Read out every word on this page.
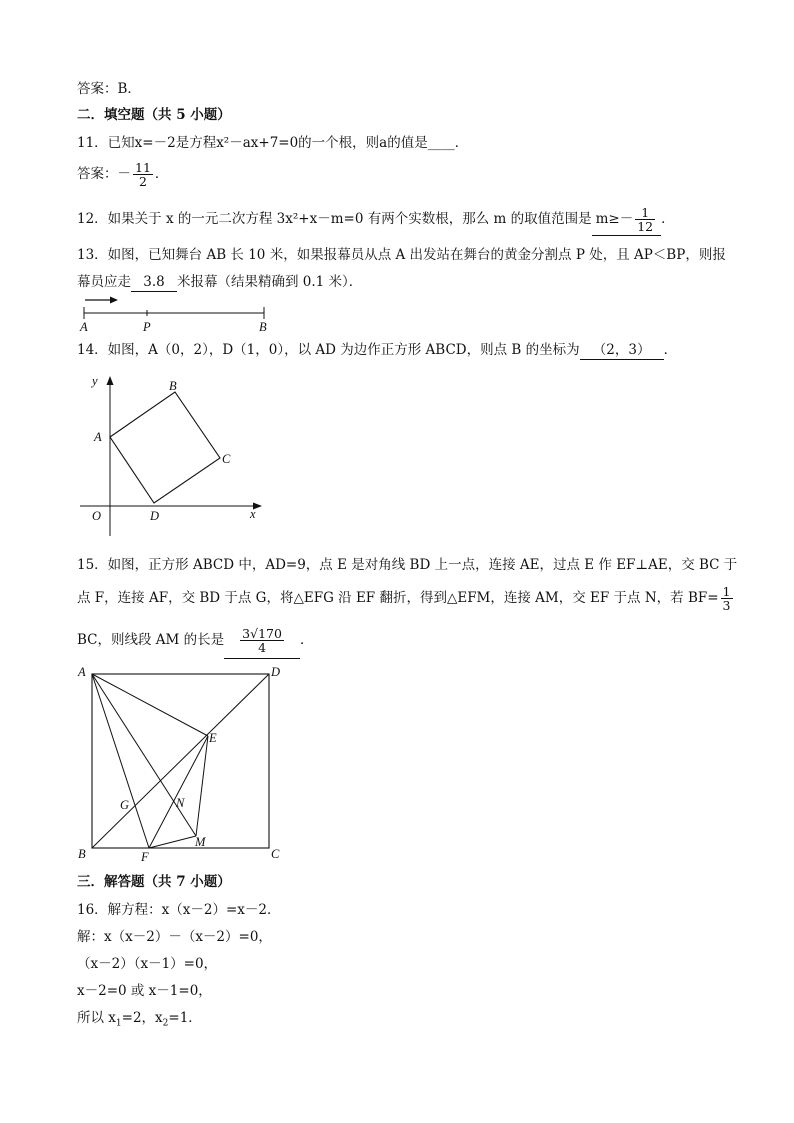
答案：B．
二．填空题（共 5 小题）
11．已知x=－2是方程x²－ax+7=0的一个根，则a的值是____．
答案：－ $\frac{11}{2}$ ．
12．如果关于 x 的一元二次方程 3x²+x－m=0 有两个实数根，那么 m 的取值范围是 $m\ge- \frac{1}{12}$ ．
13．如图，已知舞台 AB 长 10 米，如果报幕员从点 A 出发站在舞台的黄金分割点 P 处，且 AP＜BP，则报
幕员应走 3.8 米报幕（结果精确到 0.1 米）．
A	P	B
14．如图，A（0，2），D（1，0），以 AD 为边作正方形 ABCD，则点 B 的坐标为 （2，3） ．
y
x
O
A
B
C
D
15．如图，正方形 ABCD 中，AD=9，点 E 是对角线 BD 上一点，连接 AE，过点 E 作 EF⊥AE，交 BC 于
点 F，连接 AF，交 BD 于点 G，将△EFG 沿 EF 翻折，得到△EFM，连接 AM，交 EF 于点 N，若 $BF= \frac{1}{3}$
BC，则线段 AM 的长是 $\frac{3√170}{4}$ ．
A	D
E
G	N
B	F
M
C
三．解答题（共 7 小题）
16．解方程：x（x－2）=x－2．
解：x（x－2）－（x－2）=0，
（x－2）（x－1）=0，
x－2=0 或 x－1=0，
所以 $x_1=2$，$x_2=1$．
